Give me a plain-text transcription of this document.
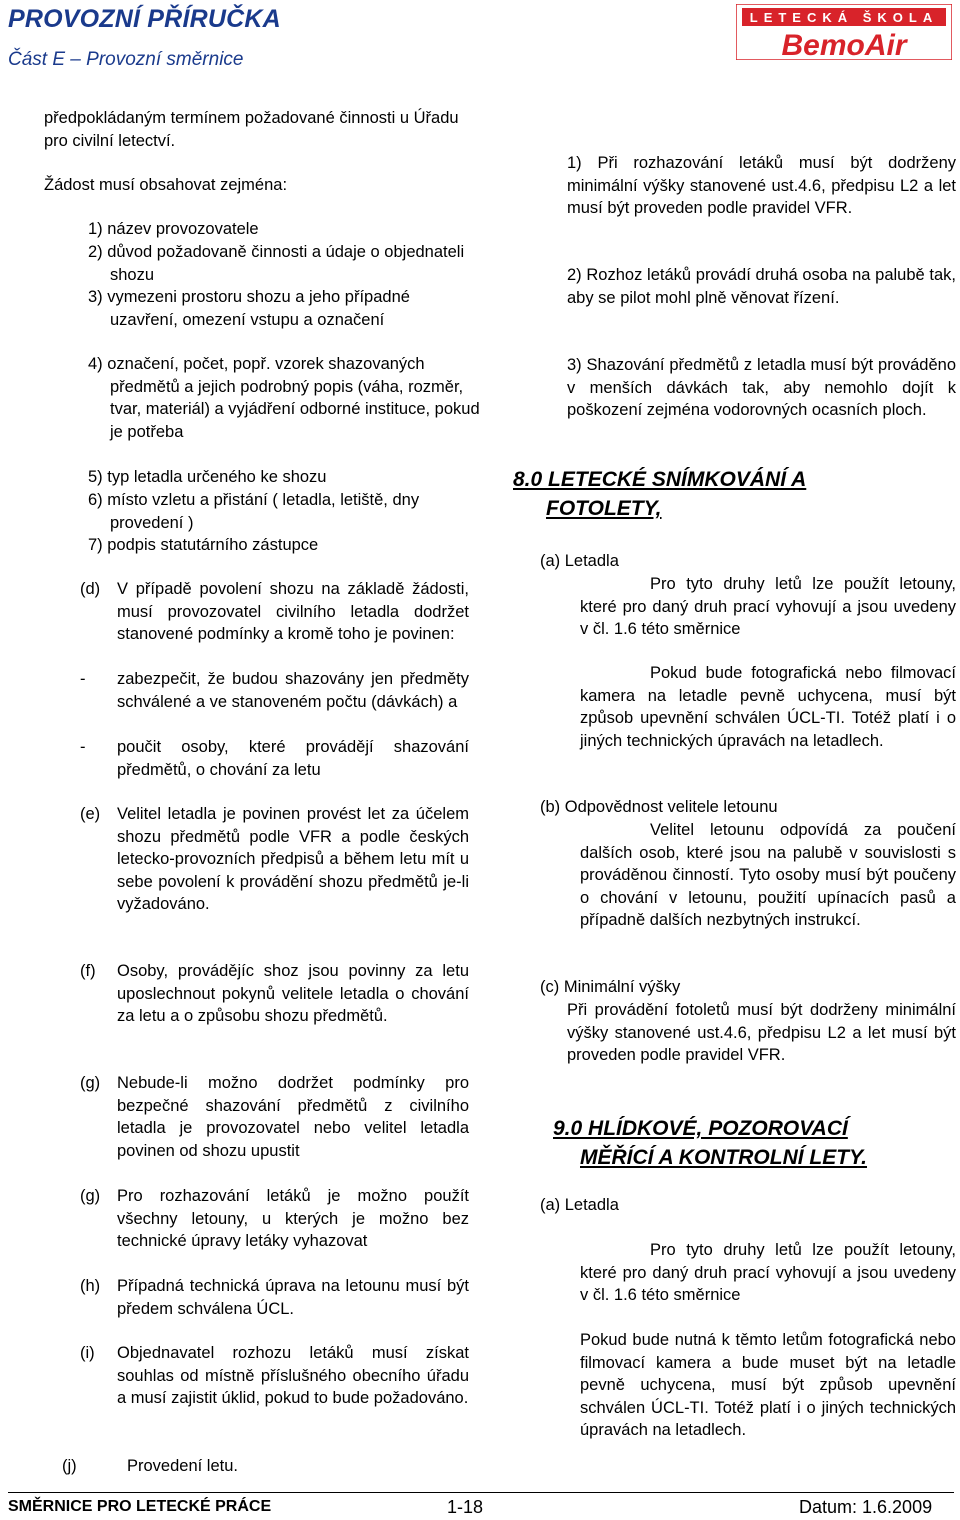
PROVOZNÍ PŘÍRUČKA
Část E – Provozní směrnice
LETECKÁ ŠKOLA
BemoAir
předpokládaným termínem požadované činnosti u Úřadu pro civilní letectví.
Žádost musí obsahovat zejména:
1) název provozovatele
2) důvod požadovaně činnosti a údaje o objednateli shozu
3) vymezeni prostoru shozu a jeho případné uzavření, omezení vstupu a označení
4) označení, počet, popř. vzorek shazovaných předmětů a jejich podrobný popis (váha, rozměr, tvar, materiál) a vyjádření odborné instituce, pokud je potřeba
5) typ letadla určeného ke shozu
6) místo vzletu a přistání ( letadla, letiště, dny provedení )
7) podpis statutárního zástupce
(d) V případě povolení shozu na základě žádosti, musí provozovatel civilního letadla dodržet stanovené podmínky a kromě toho je povinen:
- zabezpečit, že budou shazovány jen předměty schválené a ve stanoveném počtu (dávkách) a
- poučit osoby, které provádějí shazování předmětů, o chování za letu
(e) Velitel letadla je povinen provést let za účelem shozu předmětů podle VFR a podle českých letecko-provozních předpisů a během letu mít u sebe povolení k provádění shozu předmětů je-li vyžadováno.
(f) Osoby, provádějíc shoz jsou povinny za letu uposlechnout pokynů velitele letadla o chování za letu a o způsobu shozu předmětů.
(g) Nebude-li možno dodržet podmínky pro bezpečné shazování předmětů z civilního letadla je provozovatel nebo velitel letadla povinen od shozu upustit
(g) Pro rozhazování letáků je možno použít všechny letouny, u kterých je možno bez technické úpravy letáky vyhazovat
(h) Případná technická úprava na letounu musí být předem schválena ÚCL.
(i) Objednavatel rozhozu letáků musí získat souhlas od místně příslušného obecního úřadu a musí zajistit úklid, pokud to bude požadováno.
(j)	Provedení letu.
1) Při rozhazování letáků musí být dodrženy minimální výšky stanovené ust.4.6, předpisu L2 a let musí být proveden podle pravidel VFR.
2) Rozhoz letáků provádí druhá osoba na palubě tak, aby se pilot mohl plně věnovat řízení.
3) Shazování předmětů z letadla musí být prováděno v menších dávkách tak, aby nemohlo dojít k poškození zejména vodorovných ocasních ploch.
8.0 LETECKÉ SNÍMKOVÁNÍ A
FOTOLETY,
(a) Letadla
Pro tyto druhy letů lze použít letouny, které pro daný druh prací vyhovují a jsou uvedeny v čl. 1.6 této směrnice
Pokud bude fotografická nebo filmovací kamera na letadle pevně uchycena, musí být způsob upevnění schválen ÚCL-TI. Totéž platí i o jiných technických úpravách na letadlech.
(b) Odpovědnost velitele letounu
Velitel letounu odpovídá za poučení dalších osob, které jsou na palubě v souvislosti s prováděnou činností. Tyto osoby musí být poučeny o chování v letounu, použití upínacích pasů a případně dalších nezbytných instrukcí.
(c) Minimální výšky
Při provádění fotoletů musí být dodrženy minimální výšky stanovené ust.4.6, předpisu L2 a let musí být proveden podle pravidel VFR.
9.0 HLÍDKOVÉ, POZOROVACÍ
MĚŘÍCÍ A KONTROLNÍ LETY.
(a) Letadla
Pro tyto druhy letů lze použít letouny, které pro daný druh prací vyhovují a jsou uvedeny v čl. 1.6 této směrnice
Pokud bude nutná k těmto letům fotografická nebo filmovací kamera a bude muset být na letadle pevně uchycena, musí být způsob upevnění schválen ÚCL-TI. Totéž platí i o jiných technických úpravách na letadlech.
SMĚRNICE PRO LETECKÉ PRÁCE	1-18	Datum: 1.6.2009
